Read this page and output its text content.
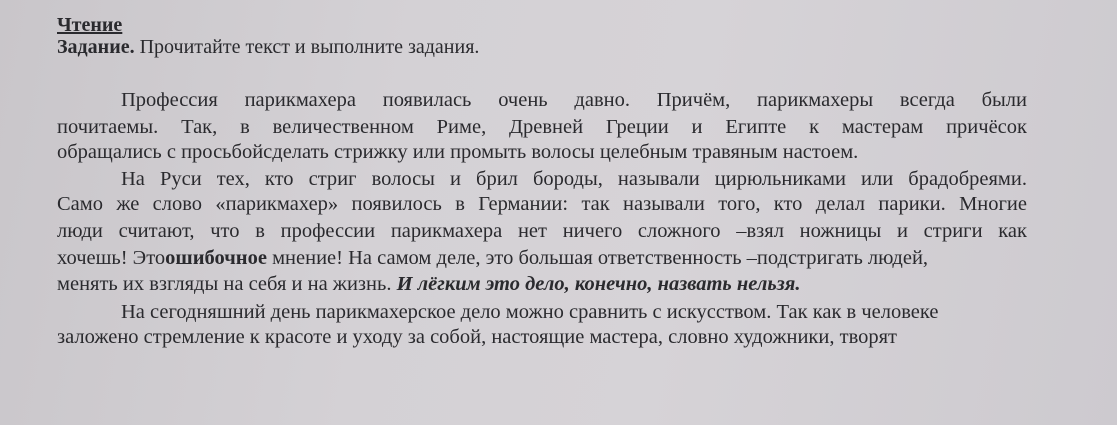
Чтение
Задание. Прочитайте текст и выполните задания.
Профессия парикмахера появилась очень давно. Причём, парикмахеры всегда были
почитаемы. Так, в величественном Риме, Древней Греции и Египте к мастерам причёсок
обращались с просьбойсделать стрижку или промыть волосы целебным травяным настоем.
На Руси тех, кто стриг волосы и брил бороды, называли цирюльниками или брадобреями.
Само же слово «парикмахер» появилось в Германии: так называли того, кто делал парики. Многие
люди считают, что в профессии парикмахера нет ничего сложного –взял ножницы и стриги как
хочешь! Этоошибочное мнение! На самом деле, это большая ответственность –подстригать людей,
менять их взгляды на себя и на жизнь. И лёгким это дело, конечно, назвать нельзя.
На сегодняшний день парикмахерское дело можно сравнить с искусством. Так как в человеке
заложено стремление к красоте и уходу за собой, настоящие мастера, словно художники, творят
